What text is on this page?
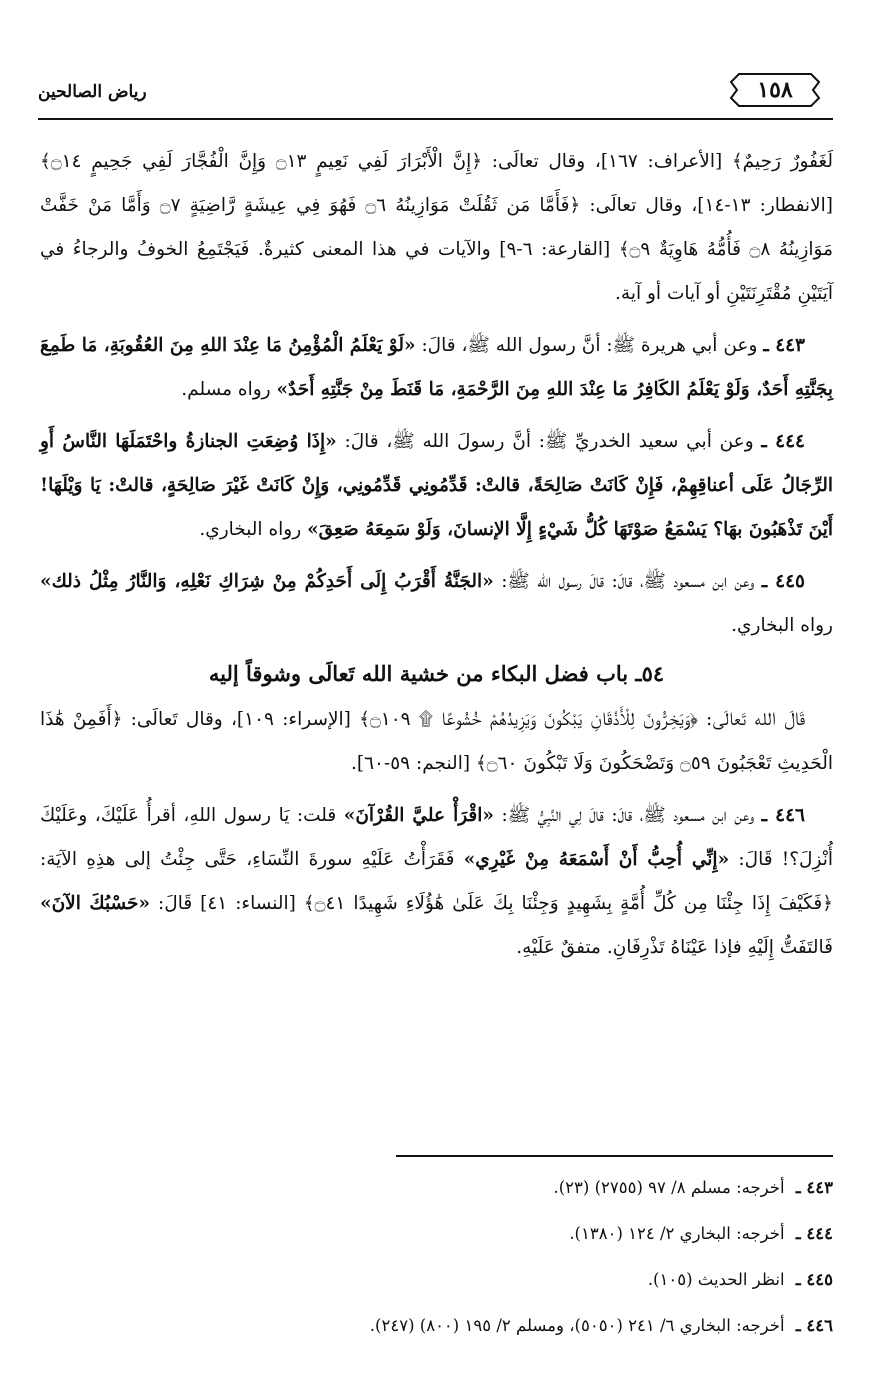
رياض الصالحين	١٥٨

لَغَفُورٌ رَحِيمٌ﴾ [الأعراف: ١٦٧]، وقال تعالَى: ﴿إِنَّ الْأَبْرَارَ لَفِي نَعِيمٍ ۝١٣ وَإِنَّ الْفُجَّارَ لَفِي جَحِيمٍ ۝١٤﴾ [الانفطار: ١٣-١٤]، وقال تعالَى: ﴿فَأَمَّا مَن ثَقُلَتْ مَوَازِينُهُ ۝٦ فَهُوَ فِي عِيشَةٍ رَّاضِيَةٍ ۝٧ وَأَمَّا مَنْ خَفَّتْ مَوَازِينُهُ ۝٨ فَأُمُّهُ هَاوِيَةٌ ۝٩﴾ [القارعة: ٦-٩] والآيات في هذا المعنى كثيرةٌ. فَيَجْتَمِعُ الخوفُ والرجاءُ في آيَتَيْنِ مُقْتَرِنَتَيْنِ أو آيات أو آية.

٤٤٣ ـ وعن أبي هريرة ﷺ: أنَّ رسول الله ﷺ، قالَ: «لَوْ يَعْلَمُ الْمُؤْمِنُ مَا عِنْدَ اللهِ مِنَ العُقُوبَةِ، مَا طَمِعَ بِجَنَّتِهِ أَحَدٌ، وَلَوْ يَعْلَمُ الكَافِرُ مَا عِنْدَ اللهِ مِنَ الرَّحْمَةِ، مَا قَنَطَ مِنْ جَنَّتِهِ أَحَدٌ» رواه مسلم.

٤٤٤ ـ وعن أبي سعيد الخدريِّ ﷺ: أنَّ رسولَ الله ﷺ، قالَ: «إِذَا وُضِعَتِ الجنازةُ واحْتَمَلَهَا النَّاسُ أَوِ الرِّجَالُ عَلَى أعناقِهِمْ، فَإِنْ كَانَتْ صَالِحَةً، قالتْ: قَدِّمُونِي قَدِّمُونِي، وَإِنْ كَانَتْ غَيْرَ صَالِحَةٍ، قالتْ: يَا وَيْلَهَا! أَيْنَ تَذْهَبُونَ بهَا؟ يَسْمَعُ صَوْتَهَا كُلُّ شَيْءٍ إِلَّا الإنسانَ، وَلَوْ سَمِعَهُ صَعِقَ» رواه البخاري.

٤٤٥ ـ وعن ابن مسعود ﷺ، قالَ: قالَ رسول الله ﷺ: «الجَنَّةُ أَقْرَبُ إِلَى أَحَدِكُمْ مِنْ شِرَاكِ نَعْلِهِ، وَالنَّارُ مِثْلُ ذلك» رواه البخاري.

٥٤ـ باب فضل البكاء من خشية الله تَعالَى وشوقاً إليه

قَالَ الله تَعالَى: ﴿وَيَخِرُّونَ لِلْأَذْقَانِ يَبْكُونَ وَيَزِيدُهُمْ خُشُوعًا ۩ ۝١٠٩﴾ [الإسراء: ١٠٩]، وقال تَعالَى: ﴿أَفَمِنْ هَٰذَا الْحَدِيثِ تَعْجَبُونَ ۝٥٩ وَتَضْحَكُونَ وَلَا تَبْكُونَ ۝٦٠﴾ [النجم: ٥٩-٦٠].

٤٤٦ ـ وعن ابن مسعود ﷺ، قالَ: قالَ لِي النَّبِيُّ ﷺ: «اقْرَأْ عليَّ القُرْآنَ» قلت: يَا رسول اللهِ، أقرأُ عَلَيْكَ، وعَلَيْكَ أُنْزِلَ؟! قَالَ: «إِنِّي أُحِبُّ أَنْ أَسْمَعَهُ مِنْ غَيْرِي» فَقَرَأْتُ عَلَيْهِ سورةَ النِّسَاءِ، حَتَّى جِئْتُ إلى هذِهِ الآيَة: ﴿فَكَيْفَ إِذَا جِئْنَا مِن كُلِّ أُمَّةٍ بِشَهِيدٍ وَجِئْنَا بِكَ عَلَىٰ هَٰؤُلَاءِ شَهِيدًا ۝٤١﴾ [النساء: ٤١] قَالَ: «حَسْبُكَ الآنَ» فَالتَفَتُّ إِلَيْهِ فإذا عَيْنَاهُ تَذْرِفَانِ. متفقٌ عَلَيْهِ.

٤٤٣ ـ أخرجه: مسلم ٨/ ٩٧ (٢٧٥٥) (٢٣).

٤٤٤ ـ أخرجه: البخاري ٢/ ١٢٤ (١٣٨٠).

٤٤٥ ـ انظر الحديث (١٠٥).

٤٤٦ ـ أخرجه: البخاري ٦/ ٢٤١ (٥٠٥٠)، ومسلم ٢/ ١٩٥ (٨٠٠) (٢٤٧).
